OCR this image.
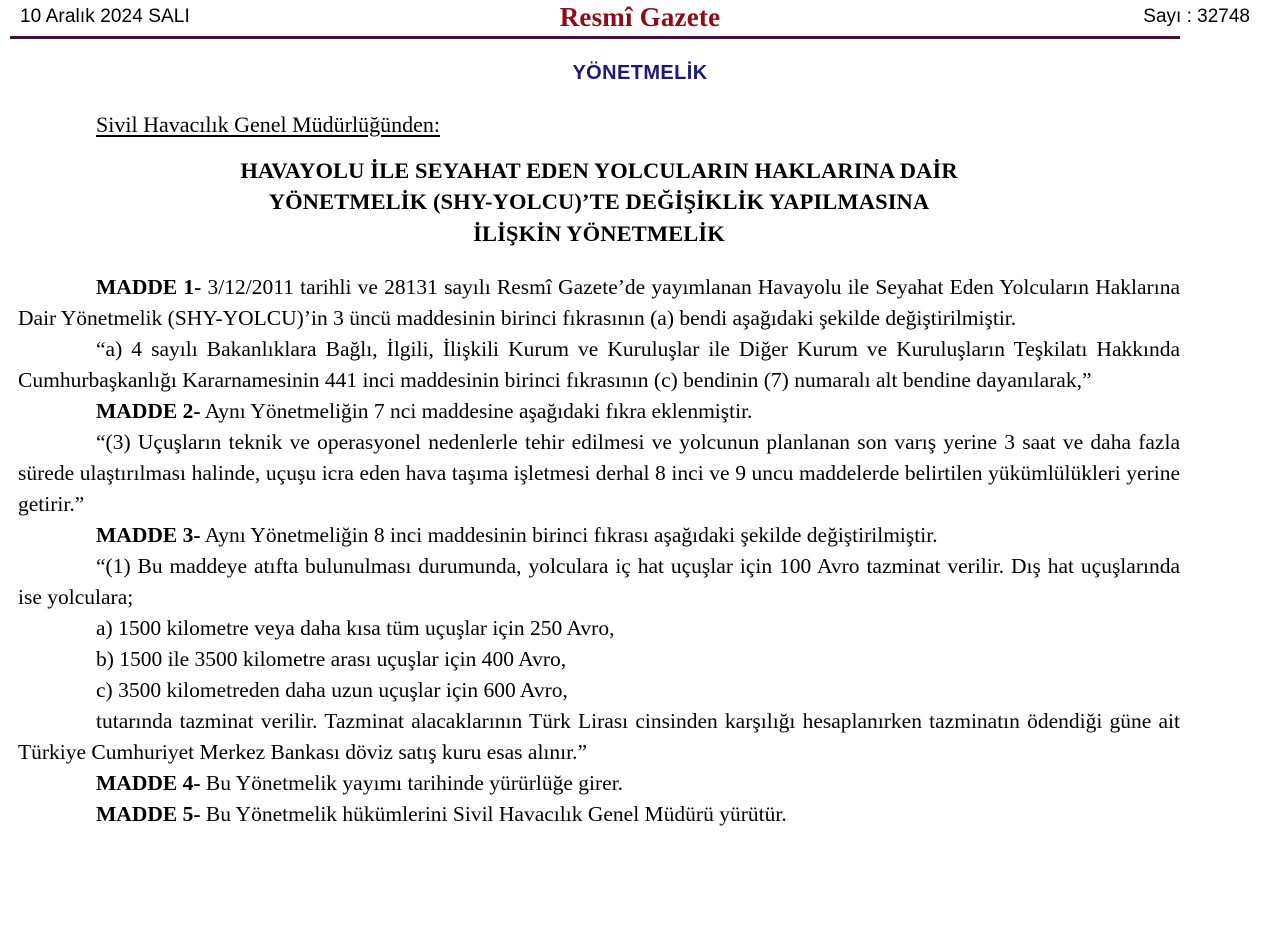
10 Aralık 2024 SALI	Resmî Gazete	Sayı : 32748
YÖNETMELİK
Sivil Havacılık Genel Müdürlüğünden:
HAVAYOLU İLE SEYAHAT EDEN YOLCULARIN HAKLARINA DAİR
YÖNETMELİK (SHY-YOLCU)’TE DEĞİŞİKLİK YAPILMASINA
İLİŞKİN YÖNETMELİK

MADDE 1- 3/12/2011 tarihli ve 28131 sayılı Resmî Gazete’de yayımlanan Havayolu ile Seyahat Eden Yolcuların Haklarına Dair Yönetmelik (SHY-YOLCU)’in 3 üncü maddesinin birinci fıkrasının (a) bendi aşağıdaki şekilde değiştirilmiştir.

“a) 4 sayılı Bakanlıklara Bağlı, İlgili, İlişkili Kurum ve Kuruluşlar ile Diğer Kurum ve Kuruluşların Teşkilatı Hakkında Cumhurbaşkanlığı Kararnamesinin 441 inci maddesinin birinci fıkrasının (c) bendinin (7) numaralı alt bendine dayanılarak,”

MADDE 2- Aynı Yönetmeliğin 7 nci maddesine aşağıdaki fıkra eklenmiştir.

“(3) Uçuşların teknik ve operasyonel nedenlerle tehir edilmesi ve yolcunun planlanan son varış yerine 3 saat ve daha fazla sürede ulaştırılması halinde, uçuşu icra eden hava taşıma işletmesi derhal 8 inci ve 9 uncu maddelerde belirtilen yükümlülükleri yerine getirir.”

MADDE 3- Aynı Yönetmeliğin 8 inci maddesinin birinci fıkrası aşağıdaki şekilde değiştirilmiştir.

“(1) Bu maddeye atıfta bulunulması durumunda, yolculara iç hat uçuşlar için 100 Avro tazminat verilir. Dış hat uçuşlarında ise yolculara;

a) 1500 kilometre veya daha kısa tüm uçuşlar için 250 Avro,

b) 1500 ile 3500 kilometre arası uçuşlar için 400 Avro,

c) 3500 kilometreden daha uzun uçuşlar için 600 Avro,

tutarında tazminat verilir. Tazminat alacaklarının Türk Lirası cinsinden karşılığı hesaplanırken tazminatın ödendiği güne ait Türkiye Cumhuriyet Merkez Bankası döviz satış kuru esas alınır.”

MADDE 4- Bu Yönetmelik yayımı tarihinde yürürlüğe girer.

MADDE 5- Bu Yönetmelik hükümlerini Sivil Havacılık Genel Müdürü yürütür.
